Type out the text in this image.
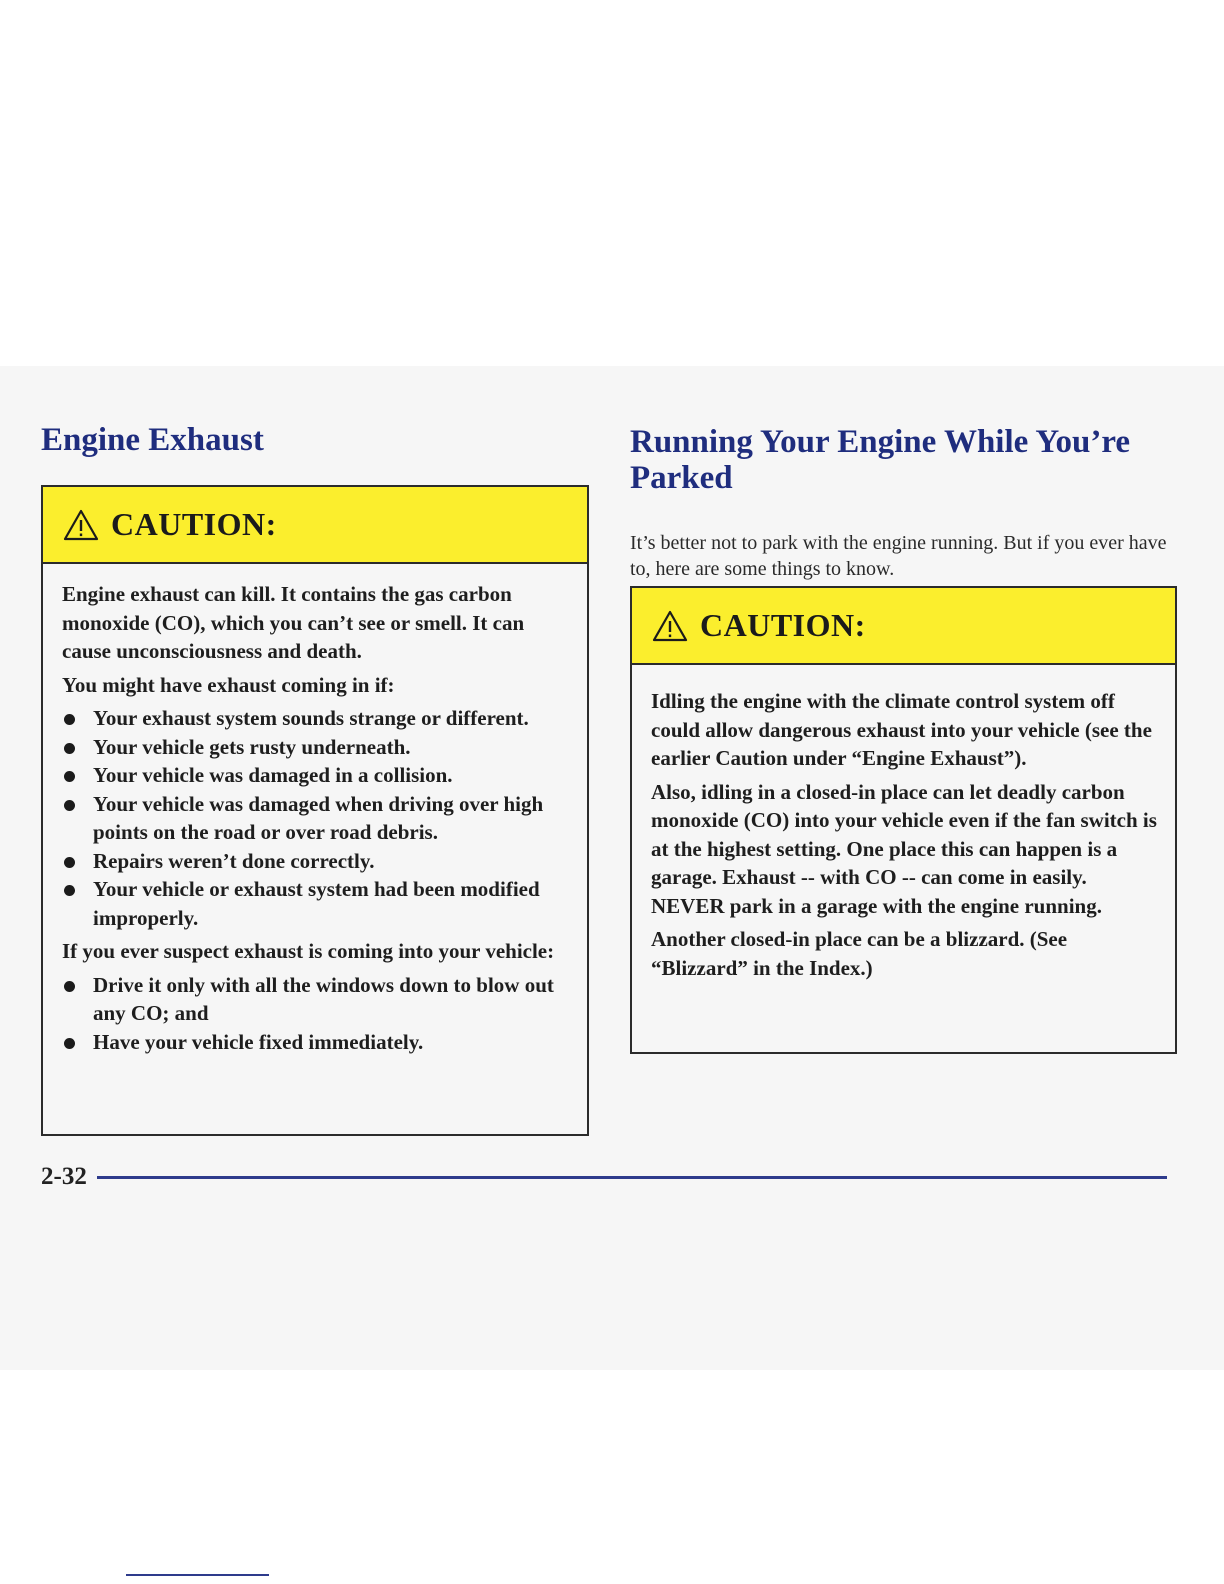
Engine Exhaust
CAUTION:

Engine exhaust can kill. It contains the gas carbon monoxide (CO), which you can’t see or smell. It can cause unconsciousness and death.

You might have exhaust coming in if:

Your exhaust system sounds strange or different.
Your vehicle gets rusty underneath.
Your vehicle was damaged in a collision.
Your vehicle was damaged when driving over high points on the road or over road debris.
Repairs weren’t done correctly.
Your vehicle or exhaust system had been modified improperly.

If you ever suspect exhaust is coming into your vehicle:

Drive it only with all the windows down to blow out any CO; and
Have your vehicle fixed immediately.
Running Your Engine While You’re Parked

It’s better not to park with the engine running. But if you ever have to, here are some things to know.

CAUTION:

Idling the engine with the climate control system off could allow dangerous exhaust into your vehicle (see the earlier Caution under “Engine Exhaust”).

Also, idling in a closed-in place can let deadly carbon monoxide (CO) into your vehicle even if the fan switch is at the highest setting. One place this can happen is a garage. Exhaust -- with CO -- can come in easily. NEVER park in a garage with the engine running.

Another closed-in place can be a blizzard. (See “Blizzard” in the Index.)

2-32
